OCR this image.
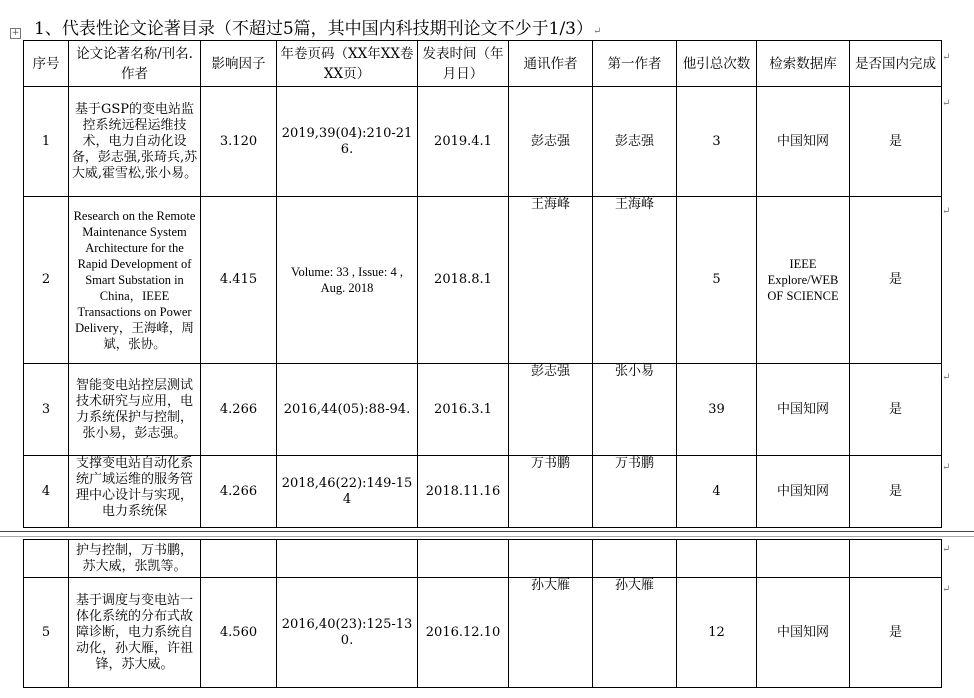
1、代表性论文论著目录（不超过5篇，其中国内科技期刊论文不少于1/3）↵
+
序号	论文论著名称/刊名.作者	影响因子	年卷页码（XX年XX卷XX页）	发表时间（年月日）	通讯作者	第一作者	他引总次数	检索数据库	是否国内完成
1	基于GSP的变电站监控系统远程运维技术，电力自动化设备，彭志强,张琦兵,苏大威,霍雪松,张小易。	3.120	2019,39(04):210-216.	2019.4.1	彭志强	彭志强	3	中国知网	是
2	Research on the Remote Maintenance System Architecture for the Rapid Development of Smart Substation in China，IEEE Transactions on Power Delivery，王海峰，周斌，张协。	4.415	Volume: 33 , Issue: 4 , Aug. 2018	2018.8.1	王海峰	王海峰	5	IEEE Explore/WEB OF SCIENCE	是
3	智能变电站控层测试技术研究与应用，电力系统保护与控制，张小易，彭志强。	4.266	2016,44(05):88-94.	2016.3.1	彭志强	张小易	39	中国知网	是
4	支撑变电站自动化系统广域运维的服务管理中心设计与实现，电力系统保	4.266	2018,46(22):149-154	2018.11.16	万书鹏	万书鹏	4	中国知网	是
	护与控制，万书鹏，苏大威，张凯等。								
5	基于调度与变电站一体化系统的分布式故障诊断，电力系统自动化，孙大雁，许祖锋，苏大威。	4.560	2016,40(23):125-130.	2016.12.10	孙大雁	孙大雁	12	中国知网	是
↵
↵
↵
↵
↵
↵
↵
